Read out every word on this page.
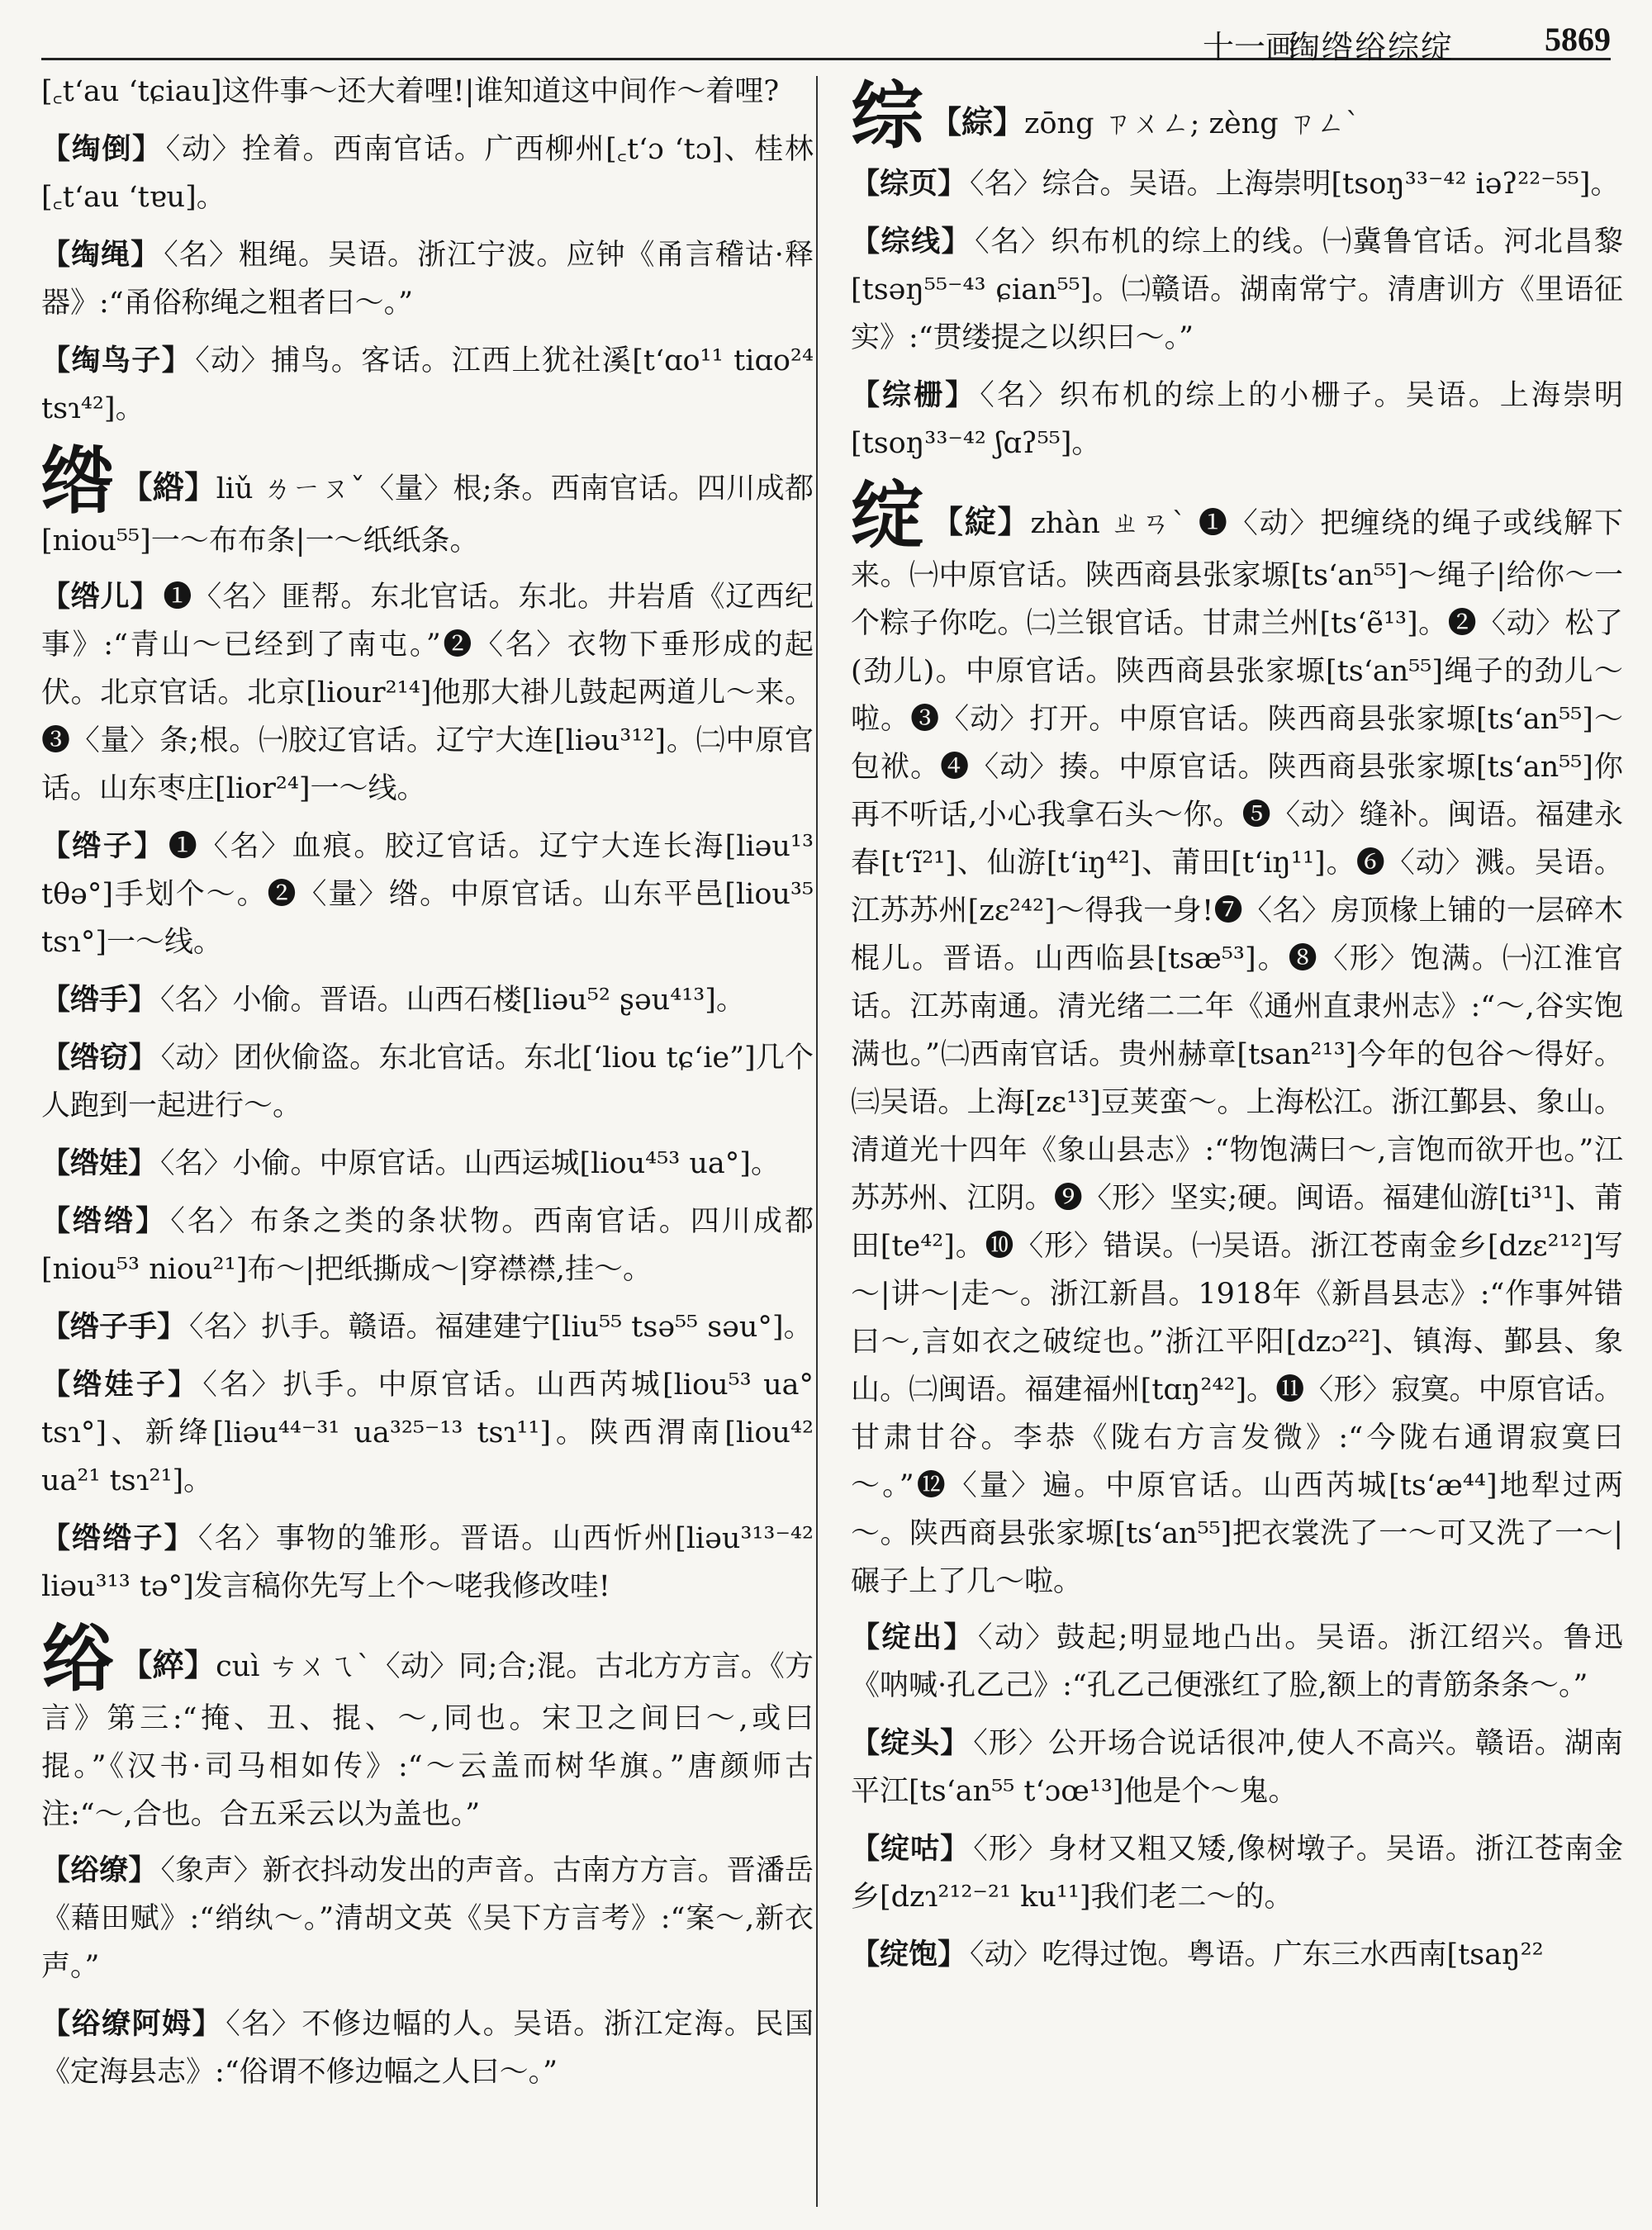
十一画
绹绺绤综绽	5869

[꜀t‘au ‘tɕiau]这件事～还大着哩!|谁知道这中间作～着哩?

【绹倒】 〈动〉拴着。西南官话。广西柳州[꜀t‘ɔ ‘tɔ]、桂林[꜀t‘au ‘tɐu]。

【绹绳】 〈名〉粗绳。吴语。浙江宁波。应钟《甬言稽诂·释器》:“甬俗称绳之粗者曰～。”

【绹鸟子】 〈动〉捕鸟。客话。江西上犹社溪[t‘ɑo¹¹ tiɑo²⁴ tsɿ⁴²]。

绺 【綹】liǔ ㄌㄧㄡˇ〈量〉根;条。西南官话。四川成都[niou⁵⁵]一～布布条|一～纸纸条。

【绺儿】 ❶〈名〉匪帮。东北官话。东北。井岩盾《辽西纪事》:“青山～已经到了南屯。”❷〈名〉衣物下垂形成的起伏。北京官话。北京[liour²¹⁴]他那大褂儿鼓起两道儿～来。❸〈量〉条;根。㈠胶辽官话。辽宁大连[liəu³¹²]。㈡中原官话。山东枣庄[lior²⁴]一～线。

【绺子】 ❶〈名〉血痕。胶辽官话。辽宁大连长海[liəu¹³ tθə°]手划个～。❷〈量〉绺。中原官话。山东平邑[liou³⁵ tsɿ°]一～线。

【绺手】 〈名〉小偷。晋语。山西石楼[liəu⁵² ʂəu⁴¹³]。

【绺窃】 〈动〉团伙偷盗。东北官话。东北[‘liou tɕ‘ie”]几个人跑到一起进行～。

【绺娃】 〈名〉小偷。中原官话。山西运城[liou⁴⁵³ ua°]。

【绺绺】 〈名〉布条之类的条状物。西南官话。四川成都[niou⁵³ niou²¹]布～|把纸撕成～|穿襟襟,挂～。

【绺子手】 〈名〉扒手。赣语。福建建宁[liu⁵⁵ tsə⁵⁵ səu°]。

【绺娃子】 〈名〉扒手。中原官话。山西芮城[liou⁵³ ua° tsɿ°]、新绛[liəu⁴⁴⁻³¹ ua³²⁵⁻¹³ tsɿ¹¹]。陕西渭南[liou⁴² ua²¹ tsɿ²¹]。

【绺绺子】 〈名〉事物的雏形。晋语。山西忻州[liəu³¹³⁻⁴² liəu³¹³ tə°]发言稿你先写上个～咾我修改哇!

绤 【綷】cuì ㄘㄨㄟˋ〈动〉同;合;混。古北方方言。《方言》第三:“掩、丑、掍、～,同也。宋卫之间曰～,或曰掍。”《汉书·司马相如传》:“～云盖而树华旗。”唐颜师古注:“～,合也。合五采云以为盖也。”

【绤缭】 〈象声〉新衣抖动发出的声音。古南方方言。晋潘岳《藉田赋》:“绡纨～。”清胡文英《吴下方言考》:“案～,新衣声。”

【绤缭阿姆】 〈名〉不修边幅的人。吴语。浙江定海。民国《定海县志》:“俗谓不修边幅之人曰～。”

综 【綜】zōng ㄗㄨㄥ; zèng ㄗㄥˋ

【综页】 〈名〉综合。吴语。上海崇明[tsoŋ³³⁻⁴² iəʔ²²⁻⁵⁵]。

【综线】 〈名〉织布机的综上的线。㈠冀鲁官话。河北昌黎[tsəŋ⁵⁵⁻⁴³ ɕian⁵⁵]。㈡赣语。湖南常宁。清唐训方《里语征实》:“贯缕提之以织曰～。”

【综栅】 〈名〉织布机的综上的小栅子。吴语。上海崇明[tsoŋ³³⁻⁴² ʃɑʔ⁵⁵]。

绽 【綻】zhàn ㄓㄢˋ ❶〈动〉把缠绕的绳子或线解下来。㈠中原官话。陕西商县张家塬[ts‘an⁵⁵]～绳子|给你～一个粽子你吃。㈡兰银官话。甘肃兰州[ts‘ẽ¹³]。❷〈动〉松了(劲儿)。中原官话。陕西商县张家塬[ts‘an⁵⁵]绳子的劲儿～啦。❸〈动〉打开。中原官话。陕西商县张家塬[ts‘an⁵⁵]～包袱。❹〈动〉揍。中原官话。陕西商县张家塬[ts‘an⁵⁵]你再不听话,小心我拿石头～你。❺〈动〉缝补。闽语。福建永春[t‘ĩ²¹]、仙游[t‘iŋ⁴²]、莆田[t‘iŋ¹¹]。❻〈动〉溅。吴语。江苏苏州[zɛ²⁴²]～得我一身!❼〈名〉房顶椽上铺的一层碎木棍儿。晋语。山西临县[tsæ⁵³]。❽〈形〉饱满。㈠江淮官话。江苏南通。清光绪二二年《通州直隶州志》:“～,谷实饱满也。”㈡西南官话。贵州赫章[tsan²¹³]今年的包谷～得好。㈢吴语。上海[zɛ¹³]豆荚蛮～。上海松江。浙江鄞县、象山。清道光十四年《象山县志》:“物饱满曰～,言饱而欲开也。”江苏苏州、江阴。❾〈形〉坚实;硬。闽语。福建仙游[ti³¹]、莆田[te⁴²]。❿〈形〉错误。㈠吴语。浙江苍南金乡[dzɛ²¹²]写～|讲～|走～。浙江新昌。1918年《新昌县志》:“作事舛错曰～,言如衣之破绽也。”浙江平阳[dzɔ²²]、镇海、鄞县、象山。㈡闽语。福建福州[tɑŋ²⁴²]。⓫〈形〉寂寞。中原官话。甘肃甘谷。李恭《陇右方言发微》:“今陇右通谓寂寞曰～。”⓬〈量〉遍。中原官话。山西芮城[ts‘æ⁴⁴]地犁过两～。陕西商县张家塬[ts‘an⁵⁵]把衣裳洗了一～可又洗了一～|碾子上了几～啦。

【绽出】 〈动〉鼓起;明显地凸出。吴语。浙江绍兴。鲁迅《呐喊·孔乙己》:“孔乙己便涨红了脸,额上的青筋条条～。”

【绽头】 〈形〉公开场合说话很冲,使人不高兴。赣语。湖南平江[ts‘an⁵⁵ t‘ɔœ¹³]他是个～鬼。

【绽咕】 〈形〉身材又粗又矮,像树墩子。吴语。浙江苍南金乡[dzɿ²¹²⁻²¹ ku¹¹]我们老二～的。

【绽饱】 〈动〉吃得过饱。粤语。广东三水西南[tsaŋ²²
